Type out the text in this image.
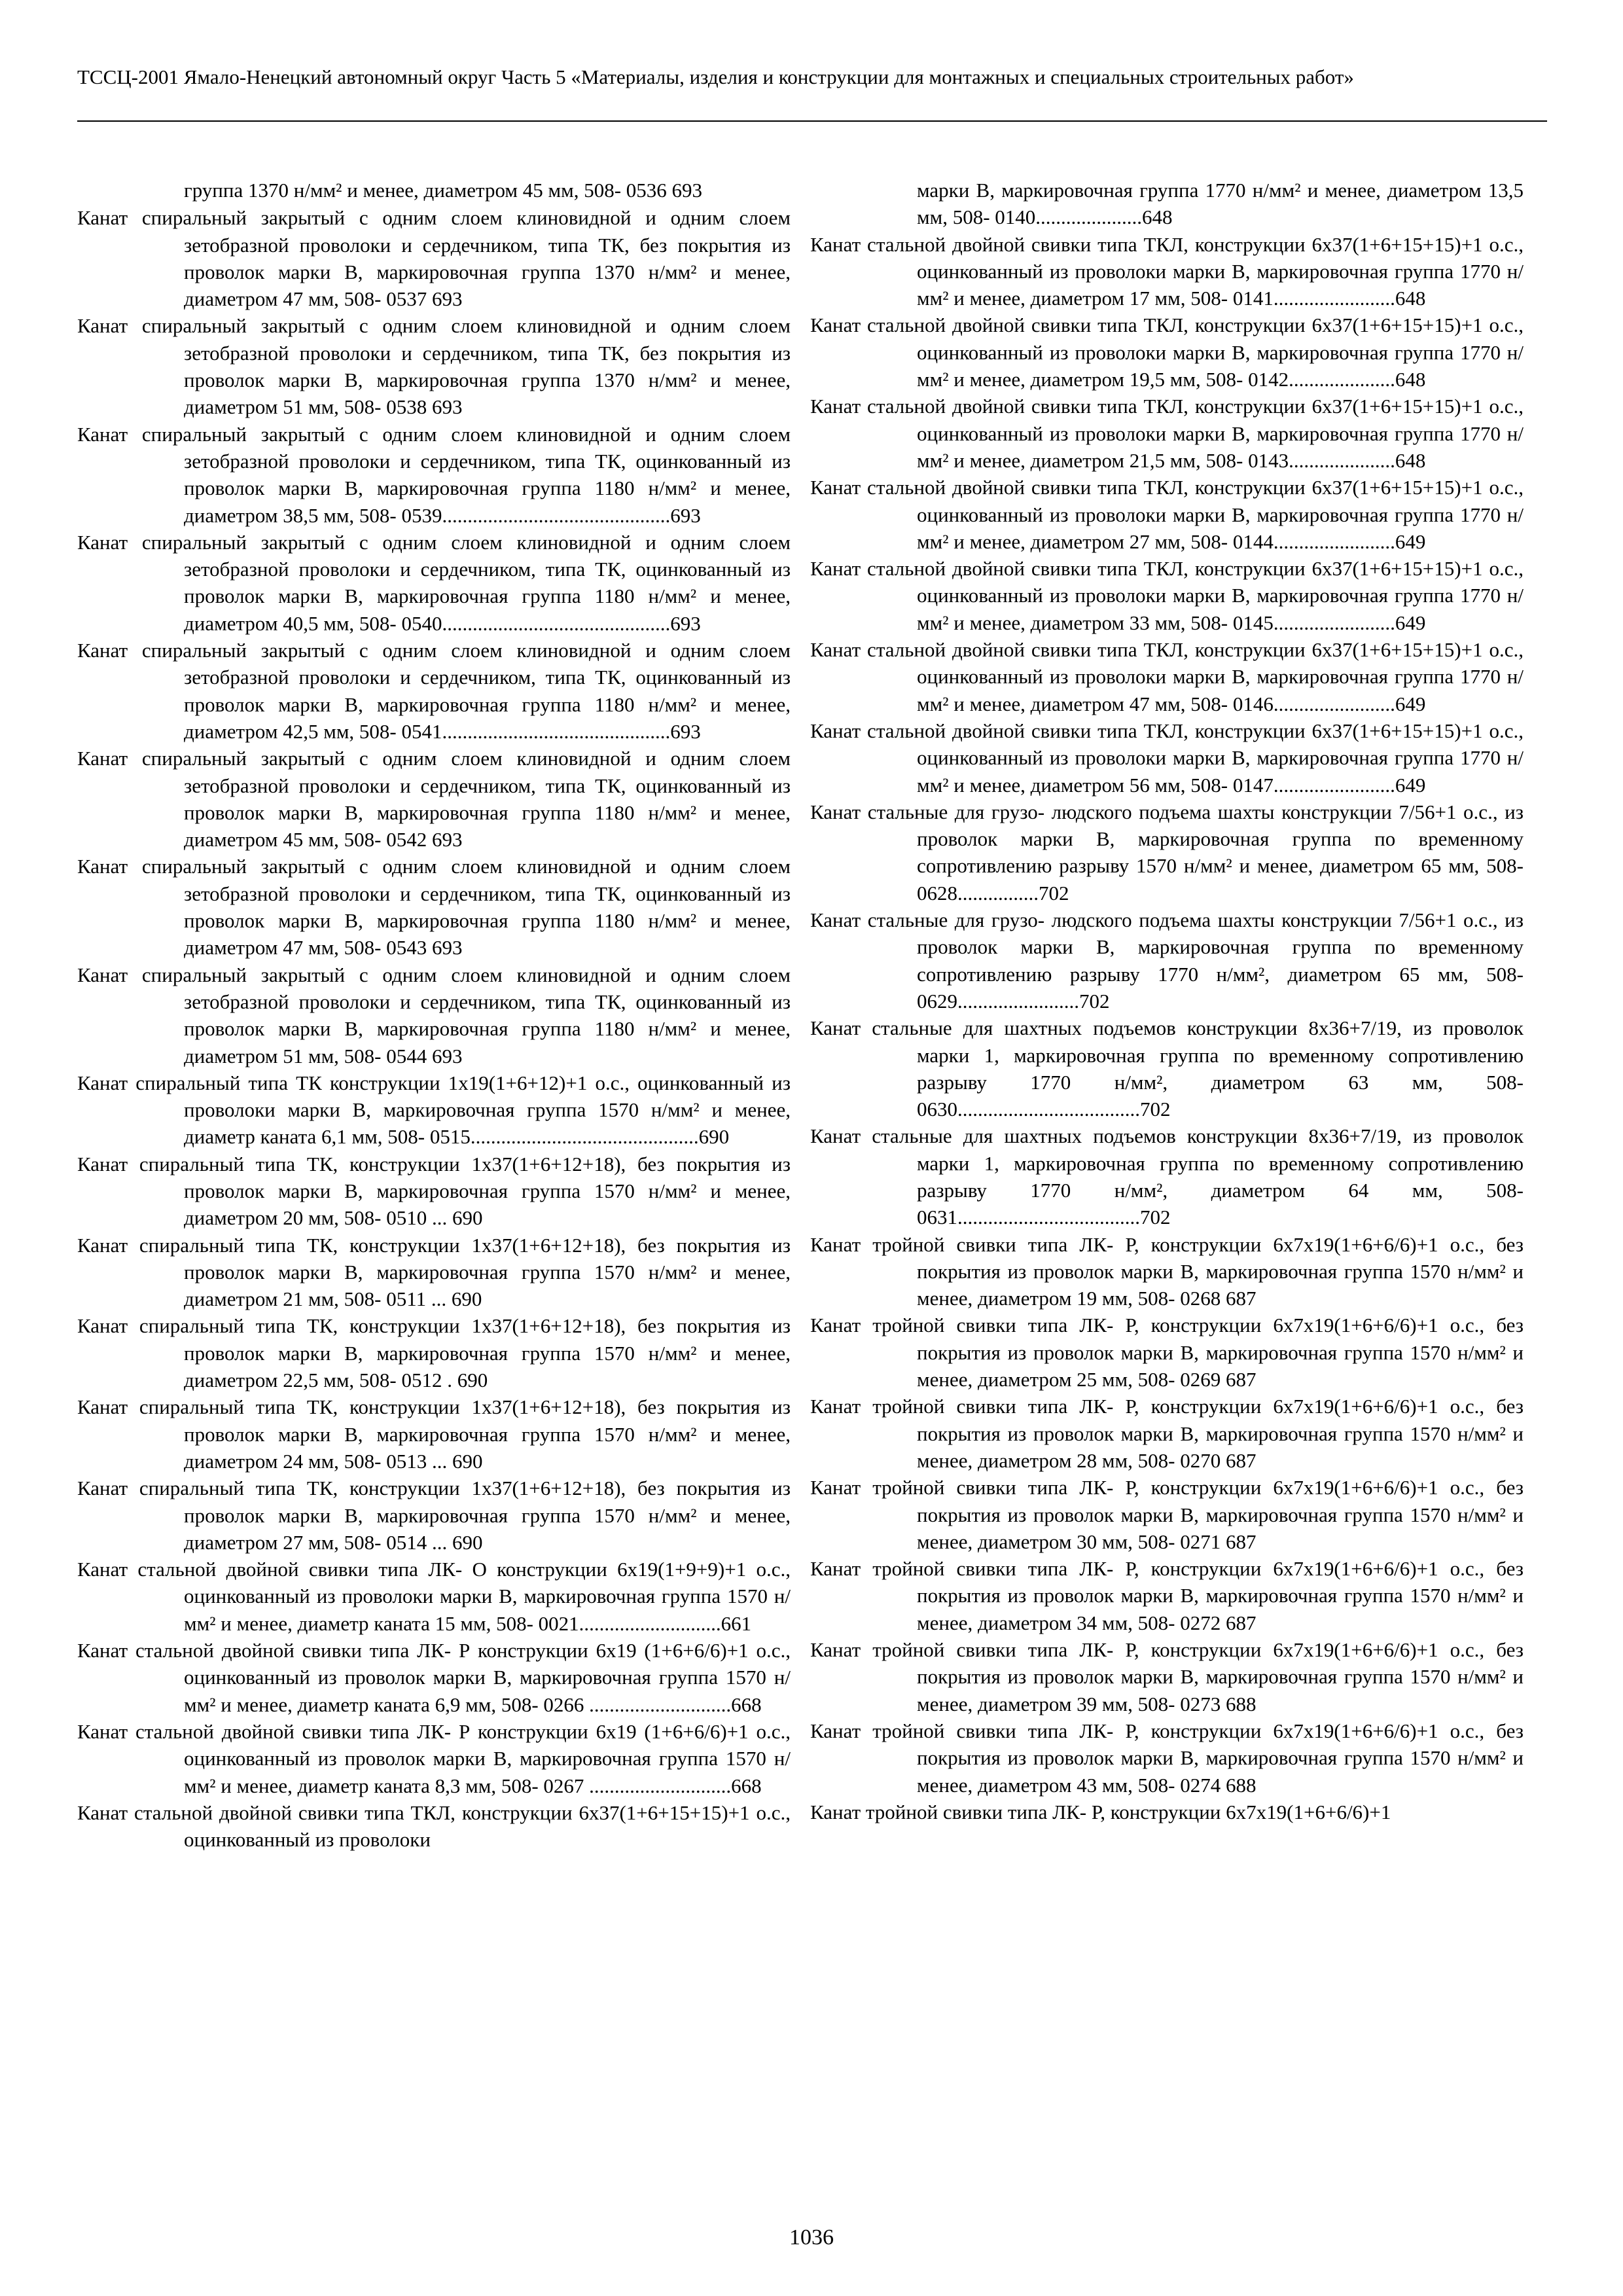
ТССЦ-2001 Ямало-Ненецкий автономный округ Часть 5 «Материалы, изделия и конструкции для монтажных и специальных строительных работ»

группа 1370 н/мм² и менее, диаметром 45 мм, 508- 0536 693

Канат спиральный закрытый с одним слоем клиновидной и одним слоем зетобразной проволоки и сердечником, типа ТК, без покрытия из проволок марки В, маркировочная группа 1370 н/мм² и менее, диаметром 47 мм, 508- 0537 693

Канат спиральный закрытый с одним слоем клиновидной и одним слоем зетобразной проволоки и сердечником, типа ТК, без покрытия из проволок марки В, маркировочная группа 1370 н/мм² и менее, диаметром 51 мм, 508- 0538 693

Канат спиральный закрытый с одним слоем клиновидной и одним слоем зетобразной проволоки и сердечником, типа ТК, оцинкованный из проволок марки В, маркировочная группа 1180 н/мм² и менее, диаметром 38,5 мм, 508- 0539.............................................693

Канат спиральный закрытый с одним слоем клиновидной и одним слоем зетобразной проволоки и сердечником, типа ТК, оцинкованный из проволок марки В, маркировочная группа 1180 н/мм² и менее, диаметром 40,5 мм, 508- 0540.............................................693

Канат спиральный закрытый с одним слоем клиновидной и одним слоем зетобразной проволоки и сердечником, типа ТК, оцинкованный из проволок марки В, маркировочная группа 1180 н/мм² и менее, диаметром 42,5 мм, 508- 0541.............................................693

Канат спиральный закрытый с одним слоем клиновидной и одним слоем зетобразной проволоки и сердечником, типа ТК, оцинкованный из проволок марки В, маркировочная группа 1180 н/мм² и менее, диаметром 45 мм, 508- 0542 693

Канат спиральный закрытый с одним слоем клиновидной и одним слоем зетобразной проволоки и сердечником, типа ТК, оцинкованный из проволок марки В, маркировочная группа 1180 н/мм² и менее, диаметром 47 мм, 508- 0543 693

Канат спиральный закрытый с одним слоем клиновидной и одним слоем зетобразной проволоки и сердечником, типа ТК, оцинкованный из проволок марки В, маркировочная группа 1180 н/мм² и менее, диаметром 51 мм, 508- 0544 693

Канат спиральный типа ТК конструкции 1x19(1+6+12)+1 о.с., оцинкованный из проволоки марки В, маркировочная группа 1570 н/мм² и менее, диаметр каната 6,1 мм, 508- 0515.............................................690

Канат спиральный типа ТК, конструкции 1x37(1+6+12+18), без покрытия из проволок марки В, маркировочная группа 1570 н/мм² и менее, диаметром 20 мм, 508- 0510 ... 690

Канат спиральный типа ТК, конструкции 1x37(1+6+12+18), без покрытия из проволок марки В, маркировочная группа 1570 н/мм² и менее, диаметром 21 мм, 508- 0511 ... 690

Канат спиральный типа ТК, конструкции 1x37(1+6+12+18), без покрытия из проволок марки В, маркировочная группа 1570 н/мм² и менее, диаметром 22,5 мм, 508- 0512 . 690

Канат спиральный типа ТК, конструкции 1x37(1+6+12+18), без покрытия из проволок марки В, маркировочная группа 1570 н/мм² и менее, диаметром 24 мм, 508- 0513 ... 690

Канат спиральный типа ТК, конструкции 1x37(1+6+12+18), без покрытия из проволок марки В, маркировочная группа 1570 н/мм² и менее, диаметром 27 мм, 508- 0514 ... 690

Канат стальной двойной свивки типа ЛК- О конструкции 6x19(1+9+9)+1 о.с., оцинкованный из проволоки марки В, маркировочная группа 1570 н/мм² и менее, диаметр каната 15 мм, 508- 0021............................661

Канат стальной двойной свивки типа ЛК- Р конструкции 6x19 (1+6+6/6)+1 о.с., оцинкованный из проволок марки В, маркировочная группа 1570 н/мм² и менее, диаметр каната 6,9 мм, 508- 0266 ............................668

Канат стальной двойной свивки типа ЛК- Р конструкции 6x19 (1+6+6/6)+1 о.с., оцинкованный из проволок марки В, маркировочная группа 1570 н/мм² и менее, диаметр каната 8,3 мм, 508- 0267 ............................668

Канат стальной двойной свивки типа ТКЛ, конструкции 6x37(1+6+15+15)+1 о.с., оцинкованный из проволоки

марки В, маркировочная группа 1770 н/мм² и менее, диаметром 13,5 мм, 508- 0140.....................648

Канат стальной двойной свивки типа ТКЛ, конструкции 6x37(1+6+15+15)+1 о.с., оцинкованный из проволоки марки В, маркировочная группа 1770 н/мм² и менее, диаметром 17 мм, 508- 0141........................648

Канат стальной двойной свивки типа ТКЛ, конструкции 6x37(1+6+15+15)+1 о.с., оцинкованный из проволоки марки В, маркировочная группа 1770 н/мм² и менее, диаметром 19,5 мм, 508- 0142.....................648

Канат стальной двойной свивки типа ТКЛ, конструкции 6x37(1+6+15+15)+1 о.с., оцинкованный из проволоки марки В, маркировочная группа 1770 н/мм² и менее, диаметром 21,5 мм, 508- 0143.....................648

Канат стальной двойной свивки типа ТКЛ, конструкции 6x37(1+6+15+15)+1 о.с., оцинкованный из проволоки марки В, маркировочная группа 1770 н/мм² и менее, диаметром 27 мм, 508- 0144........................649

Канат стальной двойной свивки типа ТКЛ, конструкции 6x37(1+6+15+15)+1 о.с., оцинкованный из проволоки марки В, маркировочная группа 1770 н/мм² и менее, диаметром 33 мм, 508- 0145........................649

Канат стальной двойной свивки типа ТКЛ, конструкции 6x37(1+6+15+15)+1 о.с., оцинкованный из проволоки марки В, маркировочная группа 1770 н/мм² и менее, диаметром 47 мм, 508- 0146........................649

Канат стальной двойной свивки типа ТКЛ, конструкции 6x37(1+6+15+15)+1 о.с., оцинкованный из проволоки марки В, маркировочная группа 1770 н/мм² и менее, диаметром 56 мм, 508- 0147........................649

Канат стальные для грузо- людского подъема шахты конструкции 7/56+1 о.с., из проволок марки В, маркировочная группа по временному сопротивлению разрыву 1570 н/мм² и менее, диаметром 65 мм, 508- 0628................702

Канат стальные для грузо- людского подъема шахты конструкции 7/56+1 о.с., из проволок марки В, маркировочная группа по временному сопротивлению разрыву 1770 н/мм², диаметром 65 мм, 508- 0629........................702

Канат стальные для шахтных подъемов конструкции 8x36+7/19, из проволок марки 1, маркировочная группа по временному сопротивлению разрыву 1770 н/мм², диаметром 63 мм, 508- 0630....................................702

Канат стальные для шахтных подъемов конструкции 8x36+7/19, из проволок марки 1, маркировочная группа по временному сопротивлению разрыву 1770 н/мм², диаметром 64 мм, 508- 0631....................................702

Канат тройной свивки типа ЛК- Р, конструкции 6x7x19(1+6+6/6)+1 о.с., без покрытия из проволок марки В, маркировочная группа 1570 н/мм² и менее, диаметром 19 мм, 508- 0268 687

Канат тройной свивки типа ЛК- Р, конструкции 6x7x19(1+6+6/6)+1 о.с., без покрытия из проволок марки В, маркировочная группа 1570 н/мм² и менее, диаметром 25 мм, 508- 0269 687

Канат тройной свивки типа ЛК- Р, конструкции 6x7x19(1+6+6/6)+1 о.с., без покрытия из проволок марки В, маркировочная группа 1570 н/мм² и менее, диаметром 28 мм, 508- 0270 687

Канат тройной свивки типа ЛК- Р, конструкции 6x7x19(1+6+6/6)+1 о.с., без покрытия из проволок марки В, маркировочная группа 1570 н/мм² и менее, диаметром 30 мм, 508- 0271 687

Канат тройной свивки типа ЛК- Р, конструкции 6x7x19(1+6+6/6)+1 о.с., без покрытия из проволок марки В, маркировочная группа 1570 н/мм² и менее, диаметром 34 мм, 508- 0272 687

Канат тройной свивки типа ЛК- Р, конструкции 6x7x19(1+6+6/6)+1 о.с., без покрытия из проволок марки В, маркировочная группа 1570 н/мм² и менее, диаметром 39 мм, 508- 0273 688

Канат тройной свивки типа ЛК- Р, конструкции 6x7x19(1+6+6/6)+1 о.с., без покрытия из проволок марки В, маркировочная группа 1570 н/мм² и менее, диаметром 43 мм, 508- 0274 688

Канат тройной свивки типа ЛК- Р, конструкции 6x7x19(1+6+6/6)+1

1036
